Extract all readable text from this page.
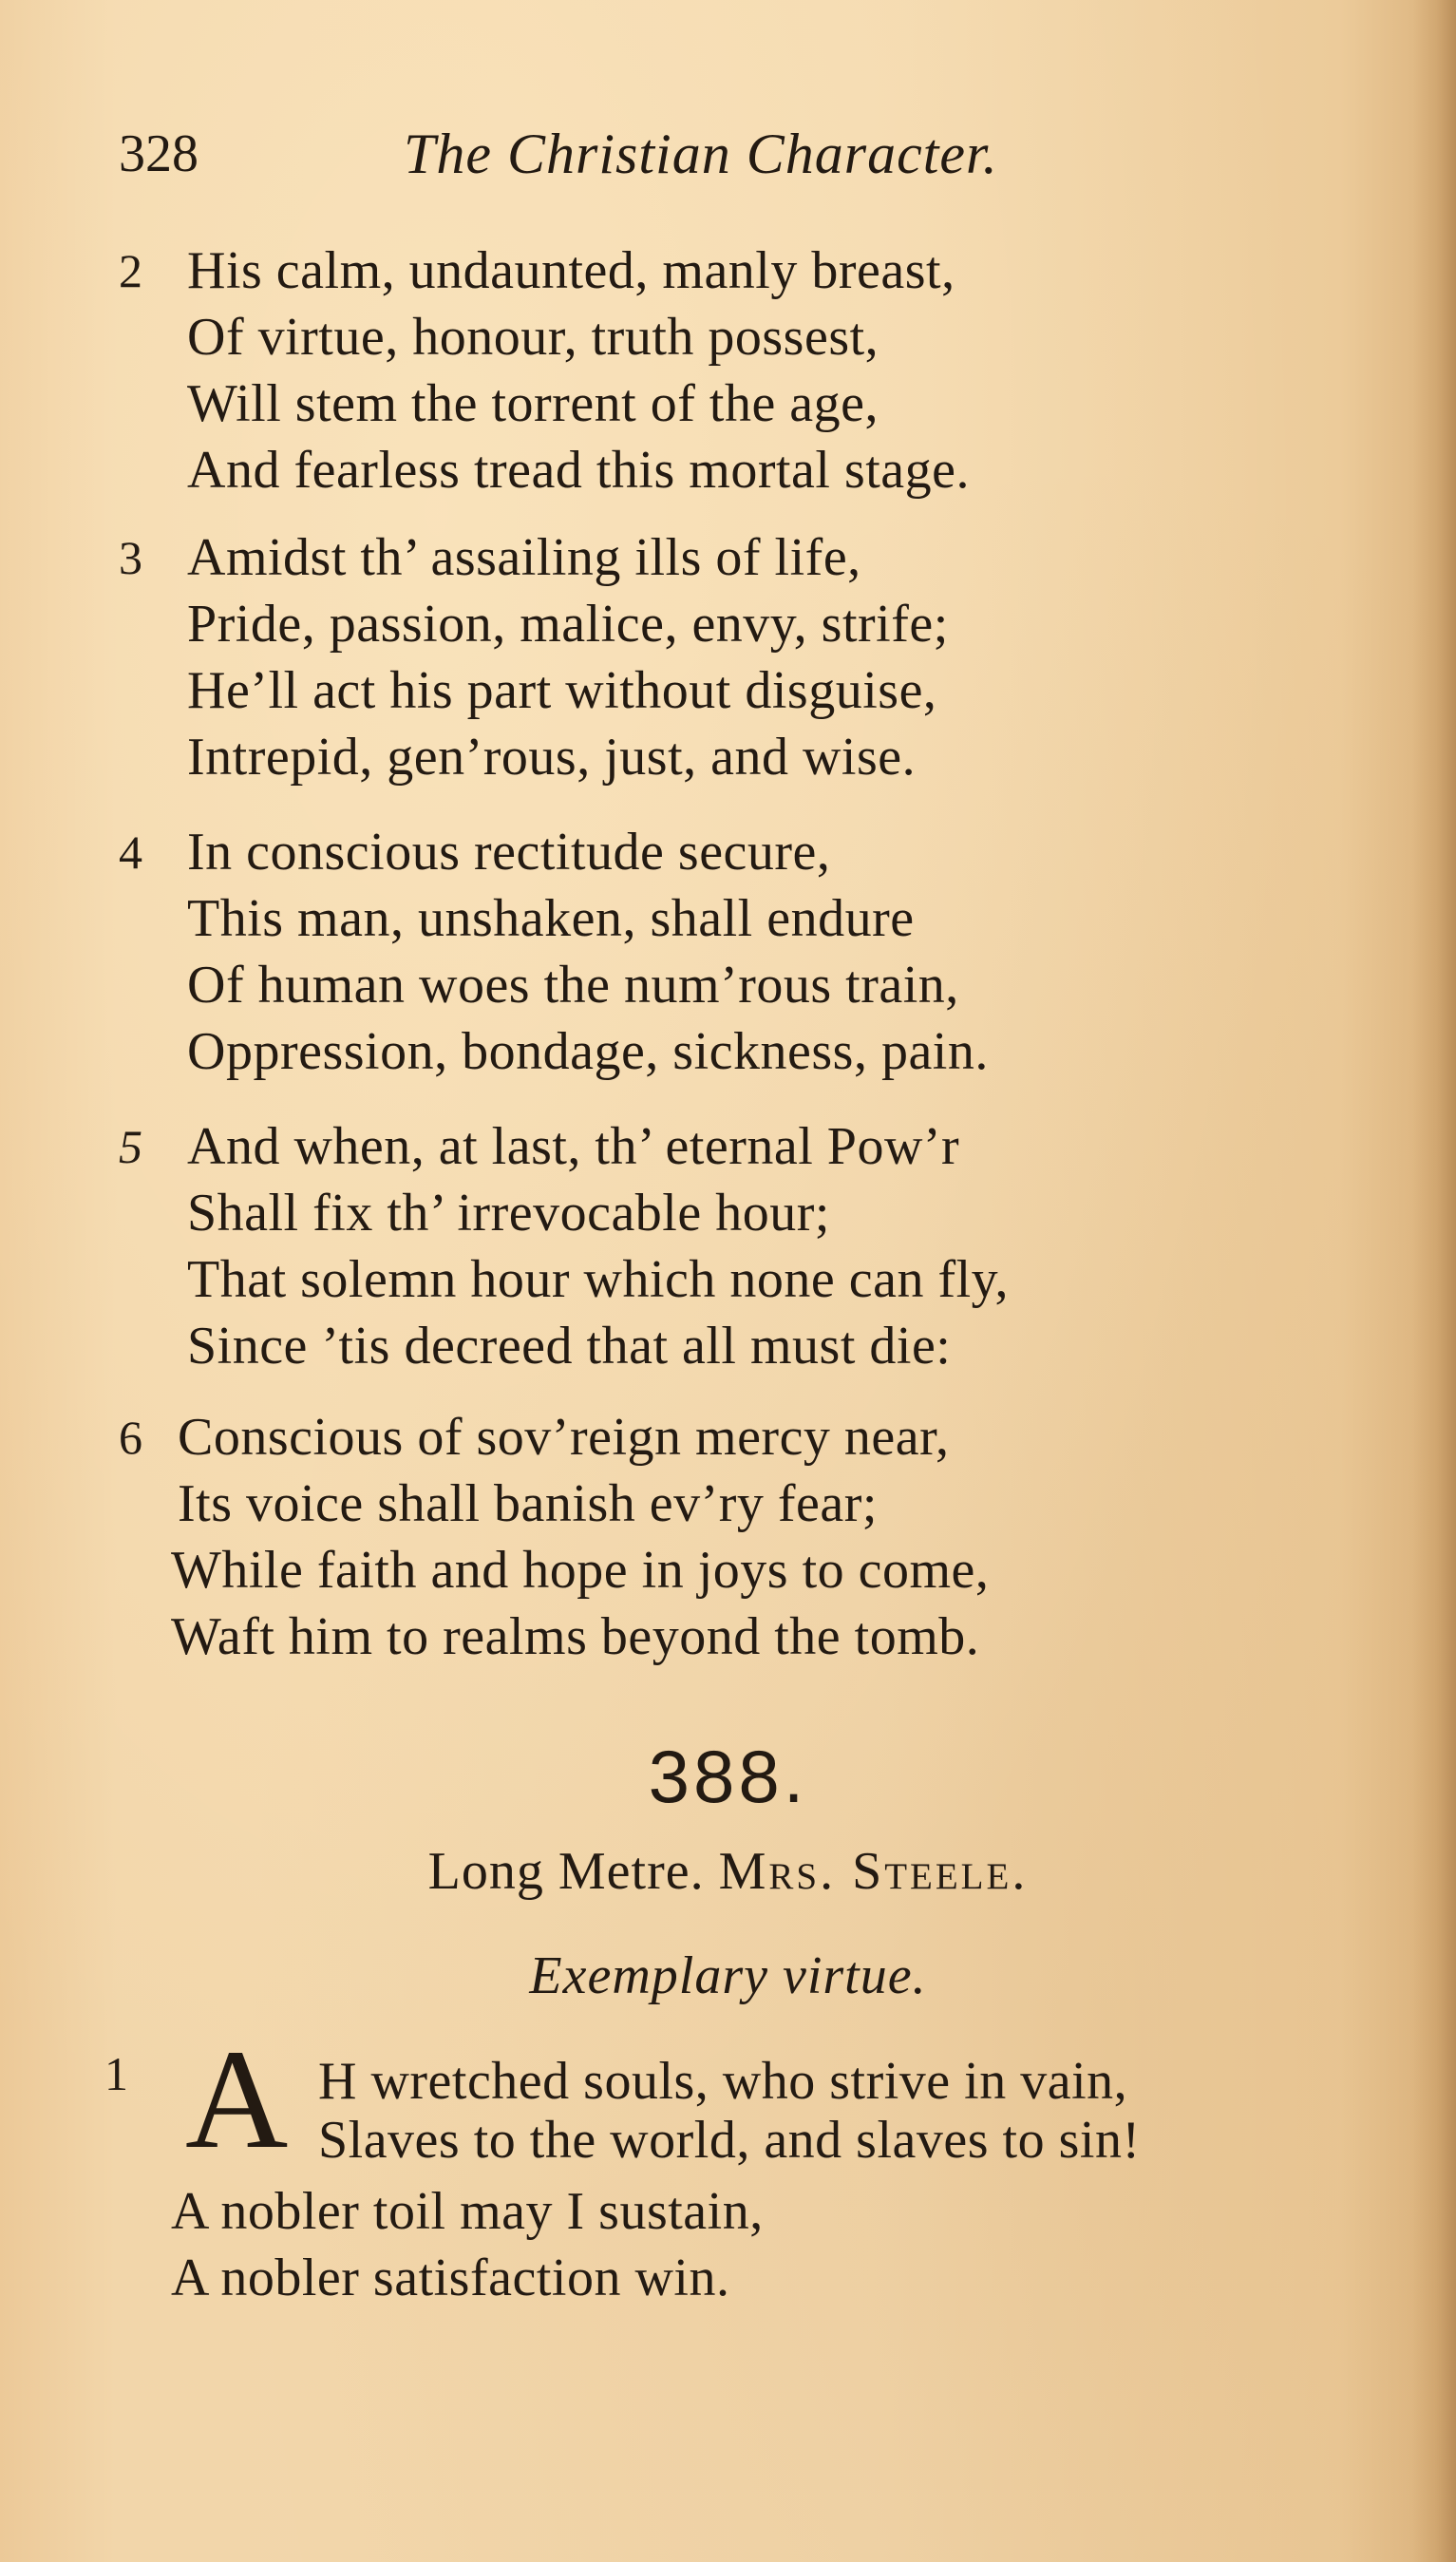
328	The Christian Character.
2 His calm, undaunted, manly breast,
Of virtue, honour, truth possest,
Will stem the torrent of the age,
And fearless tread this mortal stage.
3 Amidst th’ assailing ills of life,
Pride, passion, malice, envy, strife;
He’ll act his part without disguise,
Intrepid, gen’rous, just, and wise.
4 In conscious rectitude secure,
This man, unshaken, shall endure
Of human woes the num’rous train,
Oppression, bondage, sickness, pain.
5 And when, at last, th’ eternal Pow’r
Shall fix th’ irrevocable hour;
That solemn hour which none can fly,
Since ’tis decreed that all must die:
6 Conscious of sov’reign mercy near,
Its voice shall banish ev’ry fear;
While faith and hope in joys to come,
Waft him to realms beyond the tomb.
388.
Long Metre. Mrs. Steele.
Exemplary virtue.
1 A H wretched souls, who strive in vain,
Slaves to the world, and slaves to sin!
A nobler toil may I sustain,
A nobler satisfaction win.
